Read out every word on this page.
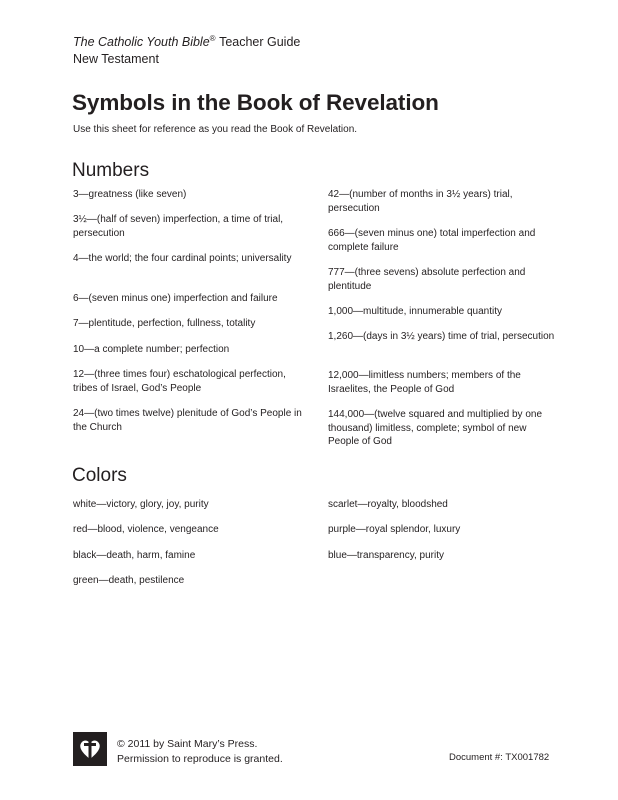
The Catholic Youth Bible® Teacher Guide
New Testament
Symbols in the Book of Revelation
Use this sheet for reference as you read the Book of Revelation.
Numbers
3—greatness (like seven)
3½—(half of seven) imperfection, a time of trial, persecution
4—the world; the four cardinal points; universality
6—(seven minus one) imperfection and failure
7—plentitude, perfection, fullness, totality
10—a complete number; perfection
12—(three times four) eschatological perfection, tribes of Israel, God’s People
24—(two times twelve) plenitude of God’s People in the Church
42—(number of months in 3½ years) trial, persecution
666—(seven minus one) total imperfection and complete failure
777—(three sevens) absolute perfection and plentitude
1,000—multitude, innumerable quantity
1,260—(days in 3½ years) time of trial, persecution
12,000—limitless numbers; members of the Israelites, the People of God
144,000—(twelve squared and multiplied by one thousand) limitless, complete; symbol of new People of God
Colors
white—victory, glory, joy, purity
red—blood, violence, vengeance
black—death, harm, famine
green—death, pestilence
scarlet—royalty, bloodshed
purple—royal splendor, luxury
blue—transparency, purity
© 2011 by Saint Mary’s Press.
Permission to reproduce is granted.	Document #: TX001782
